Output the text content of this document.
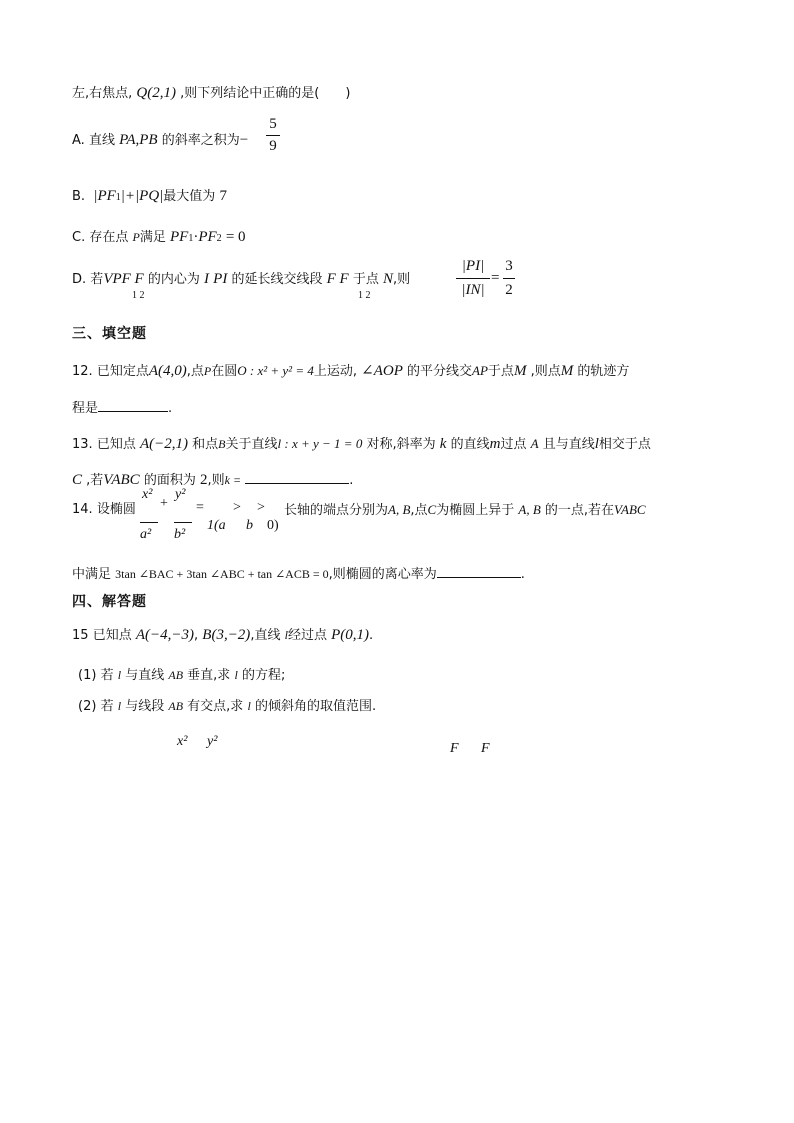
左,右焦点, Q(2,1) ,则下列结论中正确的是(　　)
A. 直线 PA,PB 的斜率之积为−
5
9
B. |PF1|+|PQ|最大值为 7
C. 存在点 P满足 PF1·PF2 = 0
D. 若VPF F 的内心为 I PI 的延长线交线段 F F 于点 N,则
1 2	1 2
|PI|
|IN|
=
3
2
三、填空题
12. 已知定点A(4,0),点P在圆O : x² + y² = 4上运动, ∠AOP 的平分线交AP于点M ,则点M 的轨迹方
程是	.
13. 已知点 A(−2,1) 和点B关于直线l : x + y − 1 = 0 对称,斜率为 k 的直线m过点 A 且与直线l相交于点
C ,若VABC 的面积为 2,则k =	.
14. 设椭圆
x²
+
y²
= > >
a² b²
1(a b 0)
长轴的端点分别为A, B,点C为椭圆上异于 A, B 的一点,若在VABC
中满足 3tan ∠BAC + 3tan ∠ABC + tan ∠ACB = 0,则椭圆的离心率为	.
四、解答题
15 已知点 A(−4,−3), B(3,−2),直线 l经过点 P(0,1).
(1) 若 l 与直线 AB 垂直,求 l 的方程;
(2) 若 l 与线段 AB 有交点,求 l 的倾斜角的取值范围.
x² y²	F F
